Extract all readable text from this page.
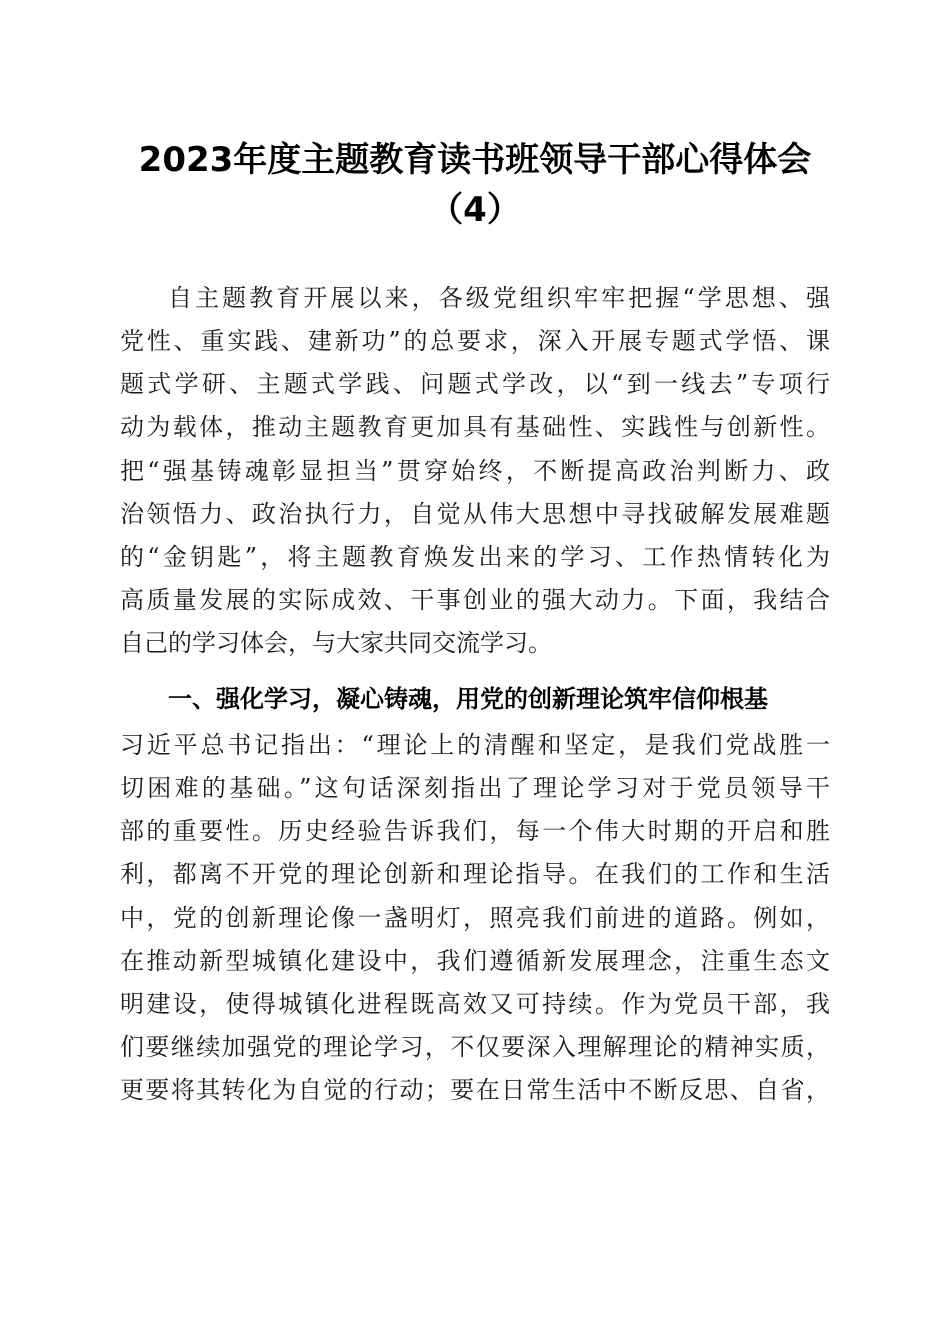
2023年度主题教育读书班领导干部心得体会
（4）
自主题教育开展以来，各级党组织牢牢把握“学思想、强
党性、重实践、建新功”的总要求，深入开展专题式学悟、课
题式学研、主题式学践、问题式学改，以“到一线去”专项行
动为载体，推动主题教育更加具有基础性、实践性与创新性。
把“强基铸魂彰显担当”贯穿始终，不断提高政治判断力、政
治领悟力、政治执行力，自觉从伟大思想中寻找破解发展难题
的“金钥匙”，将主题教育焕发出来的学习、工作热情转化为
高质量发展的实际成效、干事创业的强大动力。下面，我结合
自己的学习体会，与大家共同交流学习。
一、强化学习，凝心铸魂，用党的创新理论筑牢信仰根基
习近平总书记指出：“理论上的清醒和坚定，是我们党战胜一
切困难的基础。”这句话深刻指出了理论学习对于党员领导干
部的重要性。历史经验告诉我们，每一个伟大时期的开启和胜
利，都离不开党的理论创新和理论指导。在我们的工作和生活
中，党的创新理论像一盏明灯，照亮我们前进的道路。例如，
在推动新型城镇化建设中，我们遵循新发展理念，注重生态文
明建设，使得城镇化进程既高效又可持续。作为党员干部，我
们要继续加强党的理论学习，不仅要深入理解理论的精神实质，
更要将其转化为自觉的行动；要在日常生活中不断反思、自省，
